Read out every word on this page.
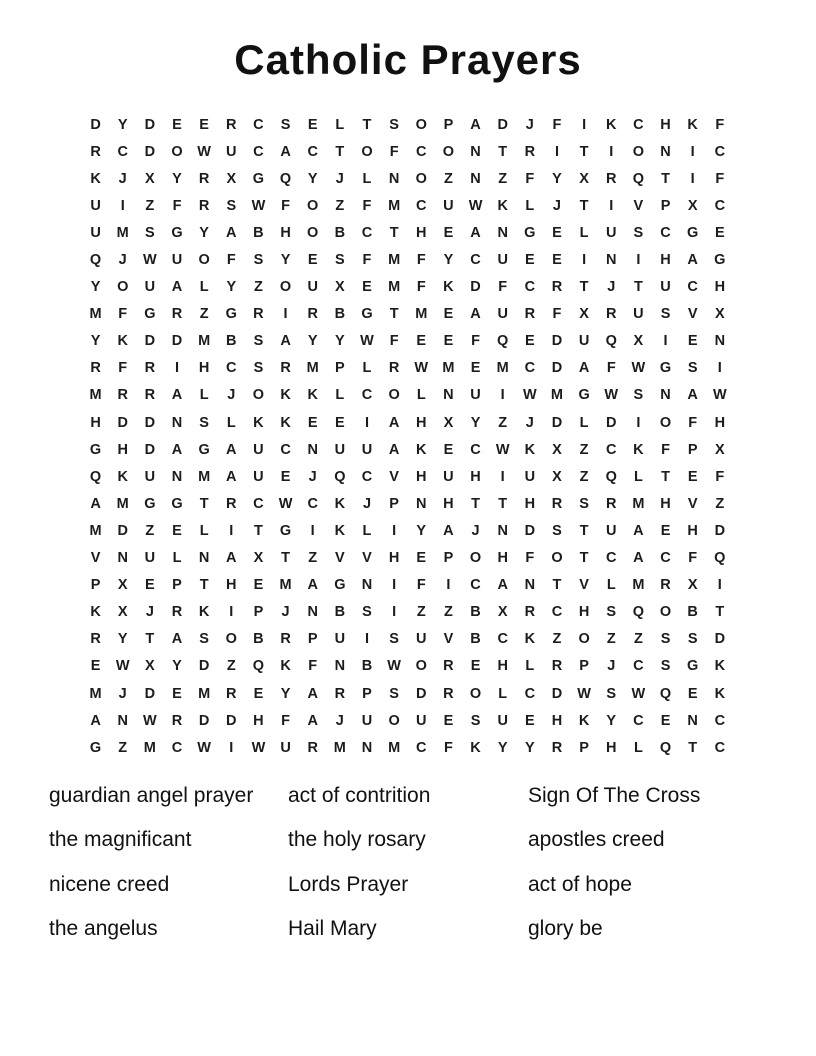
Catholic Prayers
D	Y	D	E	E	R	C	S	E	L	T	S	O	P	A	D	J	F	I	K	C	H	K	F
R	C	D	O	W	U	C	A	C	T	O	F	C	O	N	T	R	I	T	I	O	N	I	C
K	J	X	Y	R	X	G	Q	Y	J	L	N	O	Z	N	Z	F	Y	X	R	Q	T	I	F
U	I	Z	F	R	S	W	F	O	Z	F	M	C	U	W	K	L	J	T	I	V	P	X	C
U	M	S	G	Y	A	B	H	O	B	C	T	H	E	A	N	G	E	L	U	S	C	G	E
Q	J	W	U	O	F	S	Y	E	S	F	M	F	Y	C	U	E	E	I	N	I	H	A	G
Y	O	U	A	L	Y	Z	O	U	X	E	M	F	K	D	F	C	R	T	J	T	U	C	H
M	F	G	R	Z	G	R	I	R	B	G	T	M	E	A	U	R	F	X	R	U	S	V	X
Y	K	D	D	M	B	S	A	Y	Y	W	F	E	E	F	Q	E	D	U	Q	X	I	E	N
R	F	R	I	H	C	S	R	M	P	L	R	W M	E	M	C	D	A	F	W	G	S	I
M	R	R	A	L	J	O	K	K	L	C	O	L	N	U	I	W M	G	W	S	N	A	W
H	D	D	N	S	L	K	K	E	E	I	A	H	X	Y	Z	J	D	L	D	I	O	F	H
G	H	D	A	G	A	U	C	N	U	U	A	K	E	C	W	K	X	Z	C	K	F	P	X
Q	K	U	N	M	A	U	E	J	Q	C	V	H	U	H	I	U	X	Z	Q	L	T	E	F
A	M	G	G	T	R	C	W	C	K	J	P	N	H	T	T	H	R	S	R	M	H	V	Z
M	D	Z	E	L	I	T	G	I	K	L	I	Y	A	J	N	D	S	T	U	A	E	H	D
V	N	U	L	N	A	X	T	Z	V	V	H	E	P	O	H	F	O	T	C	A	C	F	Q
P	X	E	P	T	H	E	M	A	G	N	I	F	I	C	A	N	T	V	L	M	R	X	I
K	X	J	R	K	I	P	J	N	B	S	I	Z	Z	B	X	R	C	H	S	Q	O	B	T
R	Y	T	A	S	O	B	R	P	U	I	S	U	V	B	C	K	Z	O	Z	Z	S	S	D
E	W	X	Y	D	Z	Q	K	F	N	B	W	O	R	E	H	L	R	P	J	C	S	G	K
M	J	D	E	M	R	E	Y	A	R	P	S	D	R	O	L	C	D	W	S	W	Q	E	K
A	N	W	R	D	D	H	F	A	J	U	O	U	E	S	U	E	H	K	Y	C	E	N	C
G	Z	M	C	W	I	W	U	R	M	N	M	C	F	K	Y	Y	R	P	H	L	Q	T	C
guardian angel prayer
the magnificant
nicene creed
the angelus
act of contrition
the holy rosary
Lords Prayer
Hail Mary
Sign Of The Cross
apostles creed
act of hope
glory be
